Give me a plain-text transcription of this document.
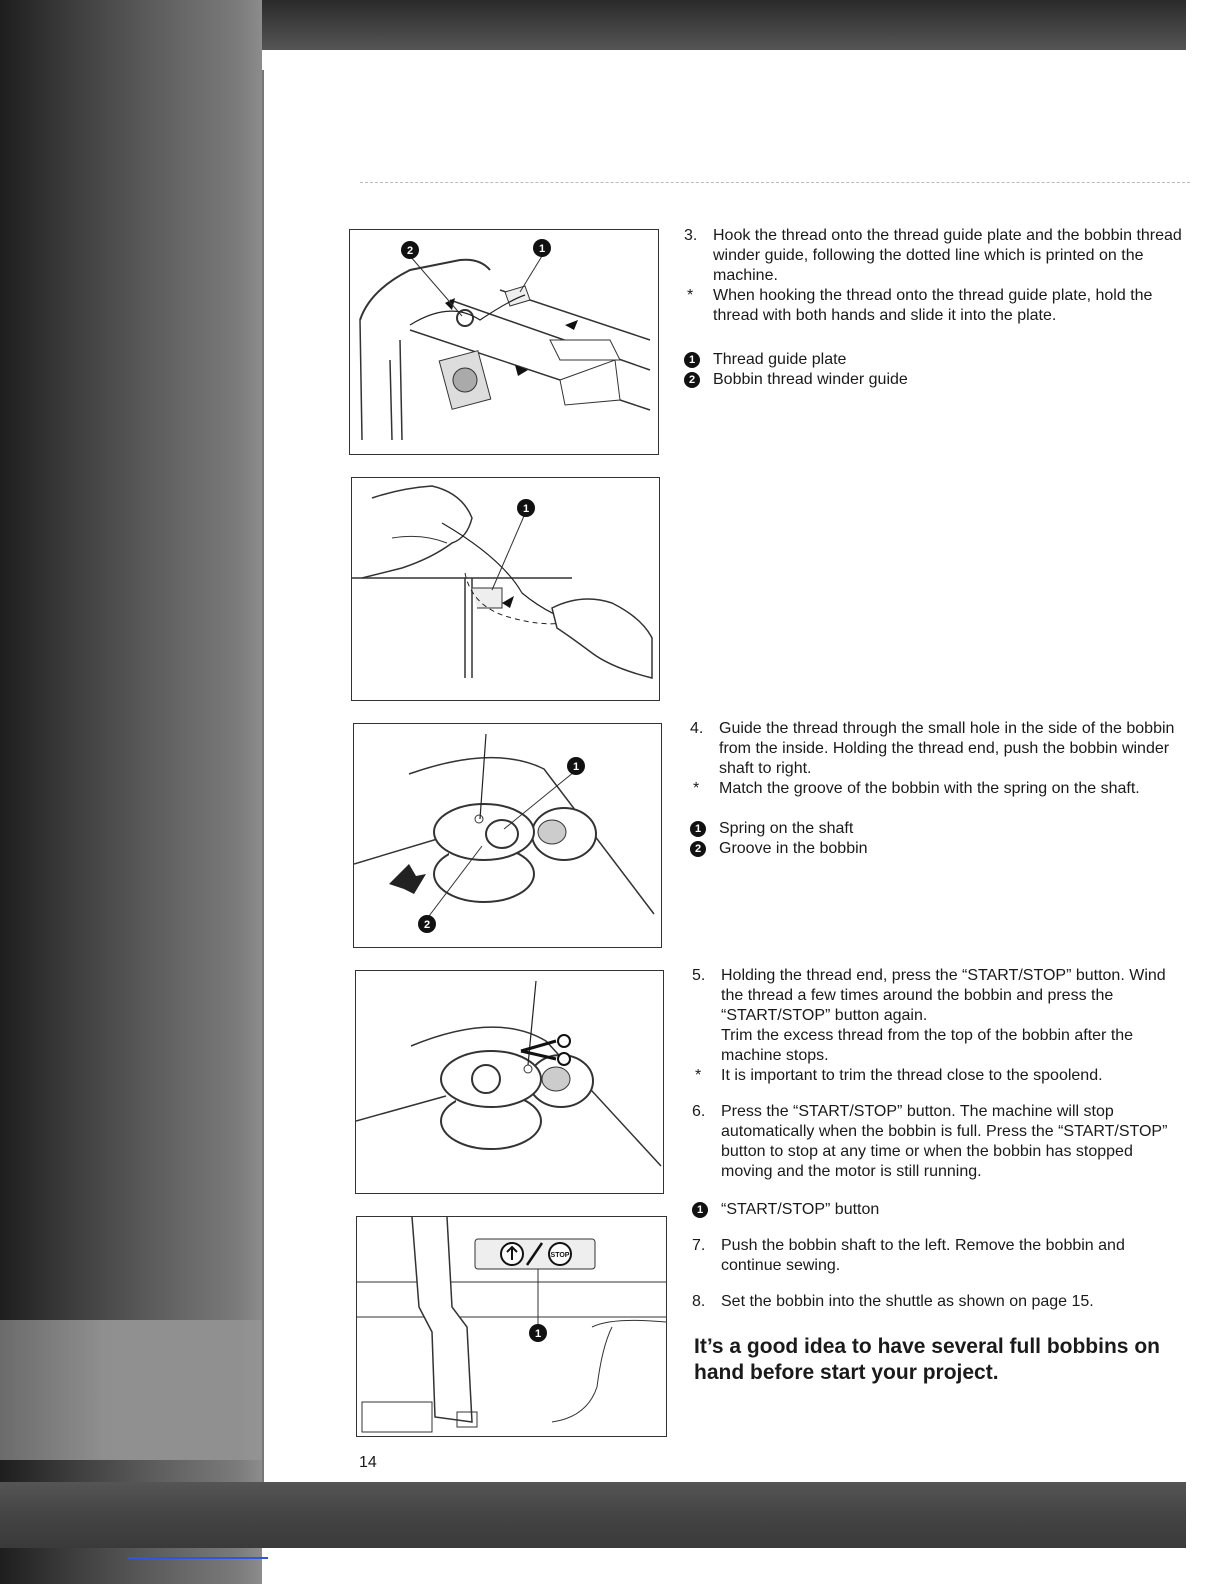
2	1
1
1
2
STOP
1
3. Hook the thread onto the thread guide plate and the bobbin thread winder guide, following the dotted line which is printed on the machine.
* When hooking the thread onto the thread guide plate, hold the thread with both hands and slide it into the plate.
1	Thread guide plate
2	Bobbin thread winder guide
4. Guide the thread through the small hole in the side of the bobbin from the inside. Holding the thread end, push the bobbin winder shaft to right.
* Match the groove of the bobbin with the spring on the shaft.
1	Spring on the shaft
2	Groove in the bobbin
5. Holding the thread end, press the “START/STOP” button. Wind the thread a few times around the bobbin and press the “START/STOP” button again.
Trim the excess thread from the top of the bobbin after the machine stops.
* It is important to trim the thread close to the spoolend.
6. Press the “START/STOP” button. The machine will stop automatically when the bobbin is full. Press the “START/STOP” button to stop at any time or when the bobbin has stopped moving and the motor is still running.
1	“START/STOP” button
7. Push the bobbin shaft to the left. Remove the bobbin and continue sewing.
8. Set the bobbin into the shuttle as shown on page 15.
It’s a good idea to have several full bobbins on hand before start your project.
14
